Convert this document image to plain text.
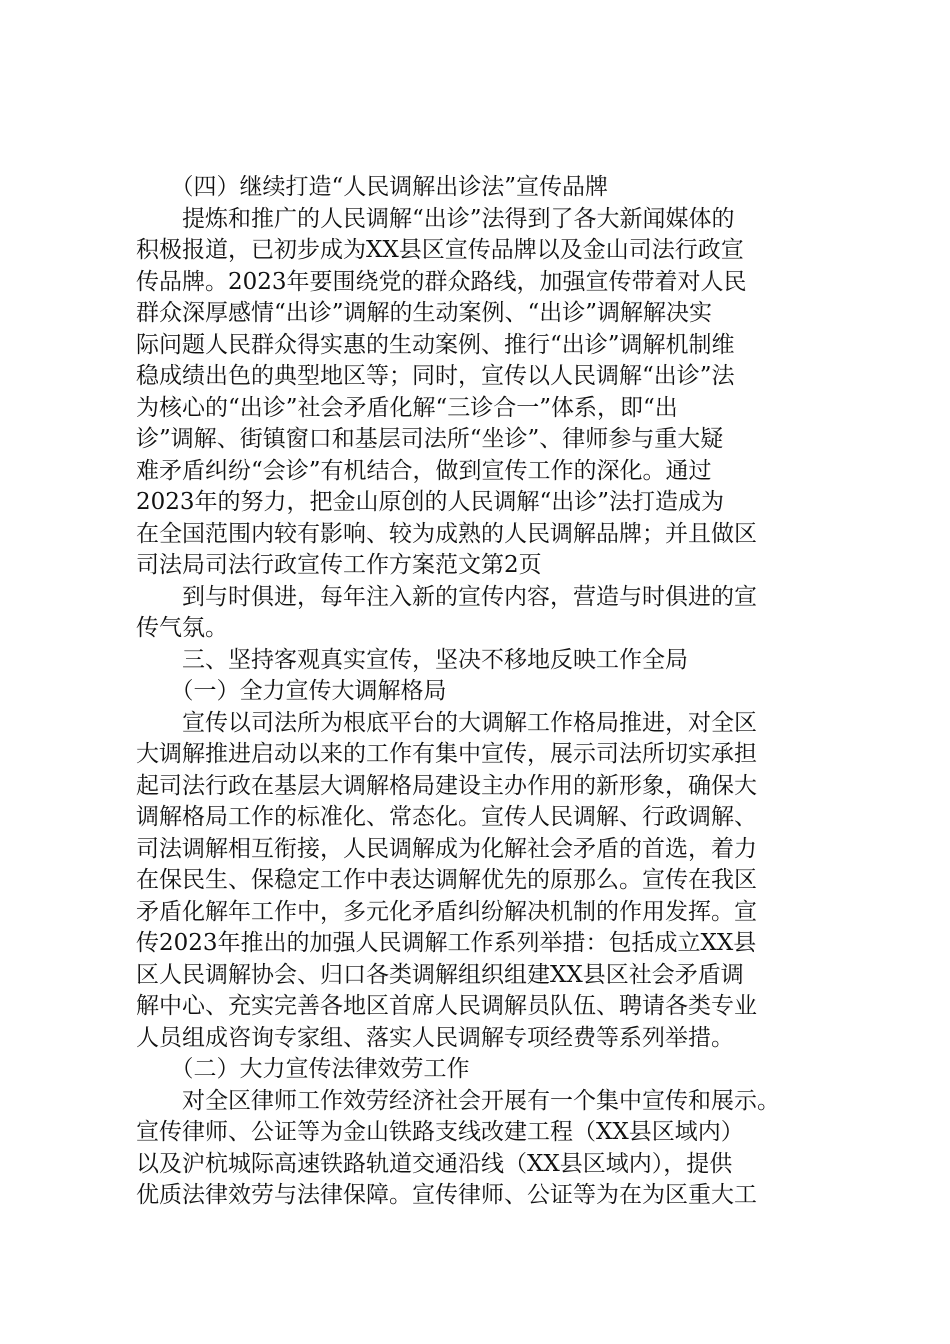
　　（四）继续打造“人民调解出诊法”宣传品牌
　　提炼和推广的人民调解“出诊”法得到了各大新闻媒体的
积极报道，已初步成为XX县区宣传品牌以及金山司法行政宣
传品牌。2023年要围绕党的群众路线，加强宣传带着对人民
群众深厚感情“出诊”调解的生动案例、“出诊”调解解决实
际问题人民群众得实惠的生动案例、推行“出诊”调解机制维
稳成绩出色的典型地区等；同时，宣传以人民调解“出诊”法
为核心的“出诊”社会矛盾化解“三诊合一”体系，即“出
诊”调解、街镇窗口和基层司法所“坐诊”、律师参与重大疑
难矛盾纠纷“会诊”有机结合，做到宣传工作的深化。通过
2023年的努力，把金山原创的人民调解“出诊”法打造成为
在全国范围内较有影响、较为成熟的人民调解品牌；并且做区
司法局司法行政宣传工作方案范文第2页
　　到与时俱进，每年注入新的宣传内容，营造与时俱进的宣
传气氛。
　　三、坚持客观真实宣传，坚决不移地反映工作全局
　　（一）全力宣传大调解格局
　　宣传以司法所为根底平台的大调解工作格局推进，对全区
大调解推进启动以来的工作有集中宣传，展示司法所切实承担
起司法行政在基层大调解格局建设主办作用的新形象，确保大
调解格局工作的标准化、常态化。宣传人民调解、行政调解、
司法调解相互衔接，人民调解成为化解社会矛盾的首选，着力
在保民生、保稳定工作中表达调解优先的原那么。宣传在我区
矛盾化解年工作中，多元化矛盾纠纷解决机制的作用发挥。宣
传2023年推出的加强人民调解工作系列举措：包括成立XX县
区人民调解协会、归口各类调解组织组建XX县区社会矛盾调
解中心、充实完善各地区首席人民调解员队伍、聘请各类专业
人员组成咨询专家组、落实人民调解专项经费等系列举措。
　　（二）大力宣传法律效劳工作
　　对全区律师工作效劳经济社会开展有一个集中宣传和展示。
宣传律师、公证等为金山铁路支线改建工程（XX县区域内）
以及沪杭城际高速铁路轨道交通沿线（XX县区域内），提供
优质法律效劳与法律保障。宣传律师、公证等为在为区重大工
